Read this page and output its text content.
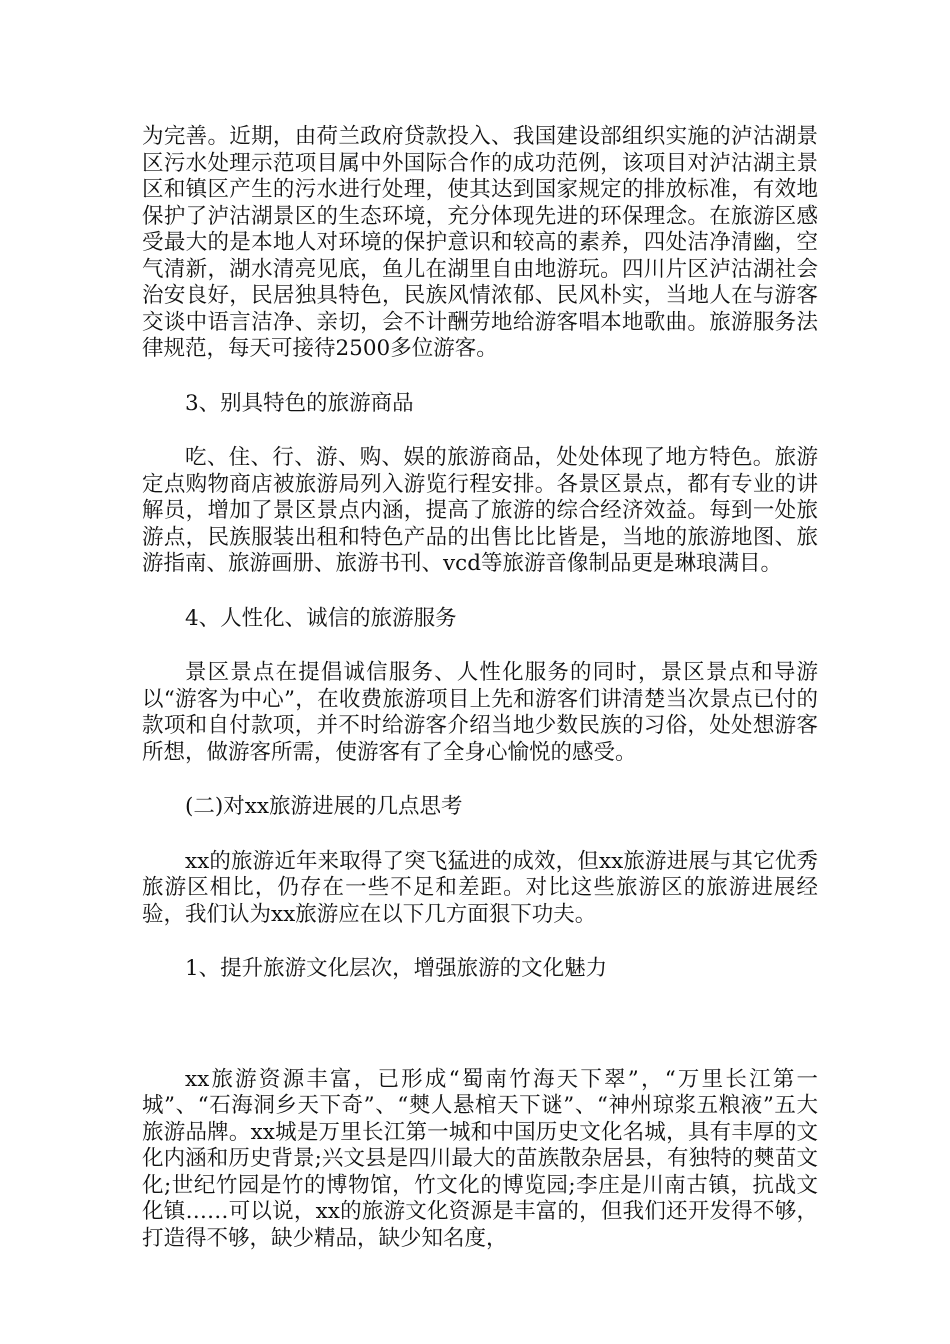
为完善。近期，由荷兰政府贷款投入、我国建设部组织实施的泸沽湖景区污水处理示范项目属中外国际合作的成功范例，该项目对泸沽湖主景区和镇区产生的污水进行处理，使其达到国家规定的排放标准，有效地保护了泸沽湖景区的生态环境，充分体现先进的环保理念。在旅游区感受最大的是本地人对环境的保护意识和较高的素养，四处洁净清幽，空气清新，湖水清亮见底，鱼儿在湖里自由地游玩。四川片区泸沽湖社会治安良好，民居独具特色，民族风情浓郁、民风朴实，当地人在与游客交谈中语言洁净、亲切，会不计酬劳地给游客唱本地歌曲。旅游服务法律规范，每天可接待2500多位游客。

3、别具特色的旅游商品

吃、住、行、游、购、娱的旅游商品，处处体现了地方特色。旅游定点购物商店被旅游局列入游览行程安排。各景区景点，都有专业的讲解员，增加了景区景点内涵，提高了旅游的综合经济效益。每到一处旅游点，民族服装出租和特色产品的出售比比皆是，当地的旅游地图、旅游指南、旅游画册、旅游书刊、vcd等旅游音像制品更是琳琅满目。

4、人性化、诚信的旅游服务

景区景点在提倡诚信服务、人性化服务的同时，景区景点和导游以“游客为中心”，在收费旅游项目上先和游客们讲清楚当次景点已付的款项和自付款项，并不时给游客介绍当地少数民族的习俗，处处想游客所想，做游客所需，使游客有了全身心愉悦的感受。

(二)对xx旅游进展的几点思考

xx的旅游近年来取得了突飞猛进的成效，但xx旅游进展与其它优秀旅游区相比，仍存在一些不足和差距。对比这些旅游区的旅游进展经验，我们认为xx旅游应在以下几方面狠下功夫。

1、提升旅游文化层次，增强旅游的文化魅力

xx旅游资源丰富，已形成“蜀南竹海天下翠”，“万里长江第一城”、“石海洞乡天下奇”、“僰人悬棺天下谜”、“神州琼浆五粮液”五大旅游品牌。xx城是万里长江第一城和中国历史文化名城，具有丰厚的文化内涵和历史背景;兴文县是四川最大的苗族散杂居县，有独特的僰苗文化;世纪竹园是竹的博物馆，竹文化的博览园;李庄是川南古镇，抗战文化镇……可以说，xx的旅游文化资源是丰富的，但我们还开发得不够，打造得不够，缺少精品，缺少知名度，
